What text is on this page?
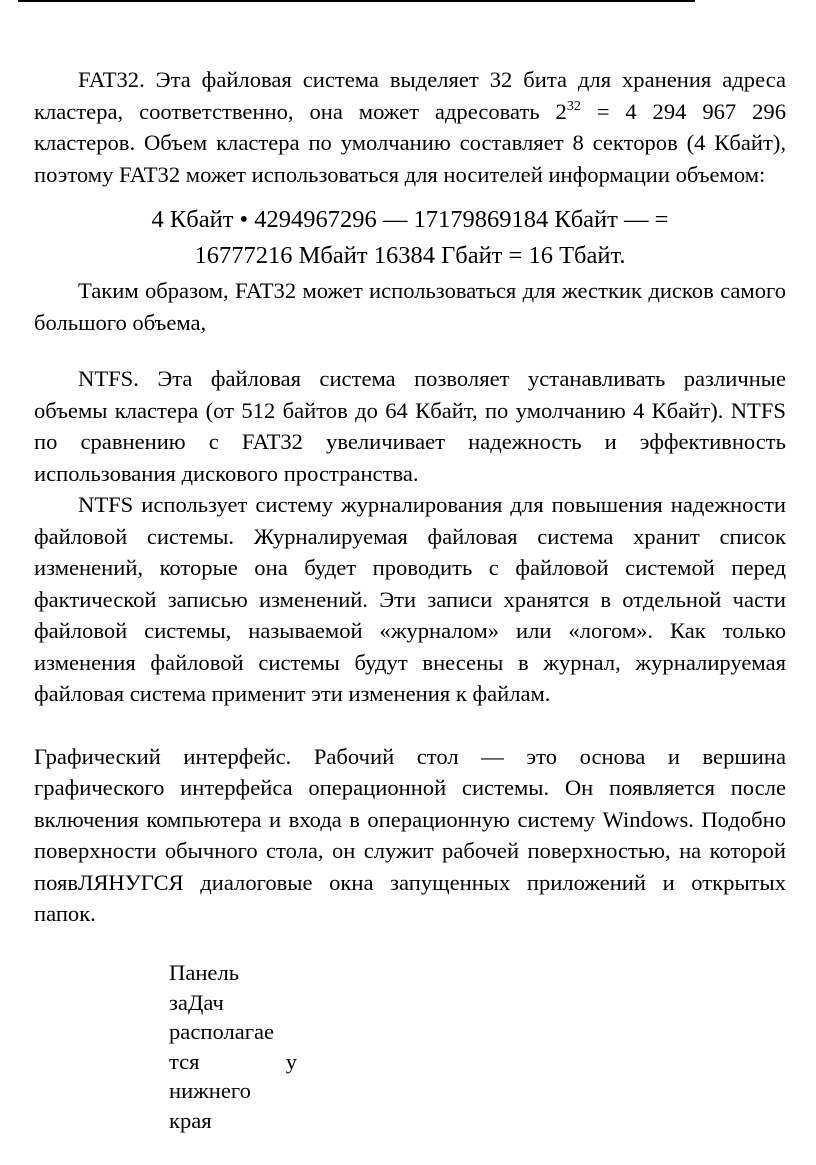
FAT32. Эта файловая система выделяет 32 бита для хранения адреса кластера, соответственно, она может адресовать $2^{32} = 4$ 294 967 296 кластеров. Объем кластера по умолчанию составляет 8 секторов (4 Кбайт), поэтому FAT32 может использоваться для носителей информации объемом:

4 Кбайт • 4294967296 — 17179869184 Кбайт — =

16777216 Мбайт 16384 Гбайт = 16 Тбайт.

Таким образом, FAT32 может использоваться для жесткик дисков самого большого объема,

NTFS. Эта файловая система позволяет устанавливать различные объемы кластера (от 512 байтов до 64 Кбайт, по умолчанию 4 Кбайт). NTFS по сравнению с FAT32 увеличивает надежность и эффективность использования дискового пространства.

NTFS использует систему журналирования для повышения надежности файловой системы. Журналируемая файловая система хранит список изменений, которые она будет проводить с файловой системой перед фактической записью изменений. Эти записи хранятся в отдельной части файловой системы, называемой «журналом» или «логом». Как только изменения файловой системы будут внесены в журнал, журналируемая файловая система применит эти изменения к файлам.

Графический интерфейс. Рабочий стол — это основа и вершина графического интерфейса операционной системы. Он появляется после включения компьютера и входа в операционную систему Windows. Подобно поверхности обычного стола, он служит рабочей поверхностью, на которой появЛЯНУГСЯ диалоговые окна запущенных приложений и открытых папок.

Панель

заДач

располагае

тся	у

нижнего

края
